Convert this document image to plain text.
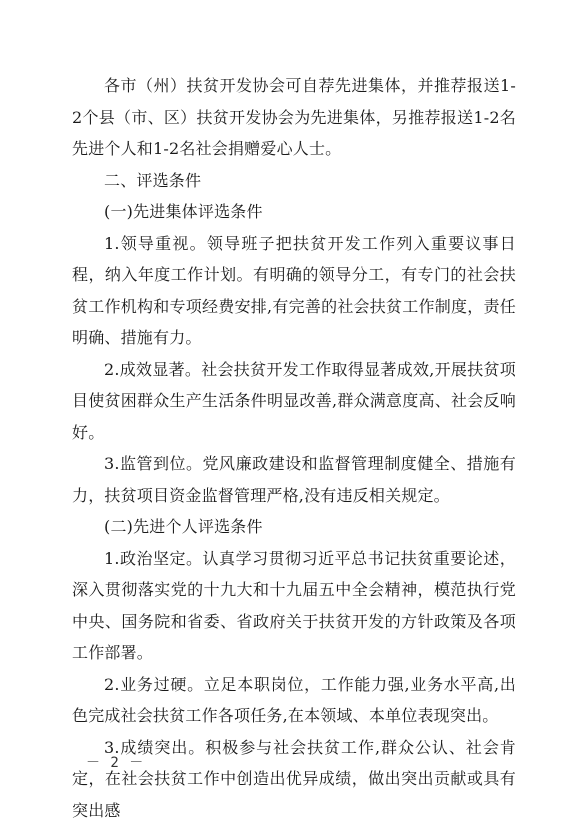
各市（州）扶贫开发协会可自荐先进集体，并推荐报送1-2个县（市、区）扶贫开发协会为先进集体，另推荐报送1-2名先进个人和1-2名社会捐赠爱心人士。

二、评选条件

(一)先进集体评选条件

1.领导重视。领导班子把扶贫开发工作列入重要议事日程，纳入年度工作计划。有明确的领导分工，有专门的社会扶贫工作机构和专项经费安排,有完善的社会扶贫工作制度，责任明确、措施有力。

2.成效显著。社会扶贫开发工作取得显著成效,开展扶贫项目使贫困群众生产生活条件明显改善,群众满意度高、社会反响好。

3.监管到位。党风廉政建设和监督管理制度健全、措施有力，扶贫项目资金监督管理严格,没有违反相关规定。

(二)先进个人评选条件

1.政治坚定。认真学习贯彻习近平总书记扶贫重要论述，深入贯彻落实党的十九大和十九届五中全会精神，模范执行党中央、国务院和省委、省政府关于扶贫开发的方针政策及各项工作部署。

2.业务过硬。立足本职岗位，工作能力强,业务水平高,出色完成社会扶贫工作各项任务,在本领域、本单位表现突出。

3.成绩突出。积极参与社会扶贫工作,群众公认、社会肯定，在社会扶贫工作中创造出优异成绩，做出突出贡献或具有突出感

－ 2 －
